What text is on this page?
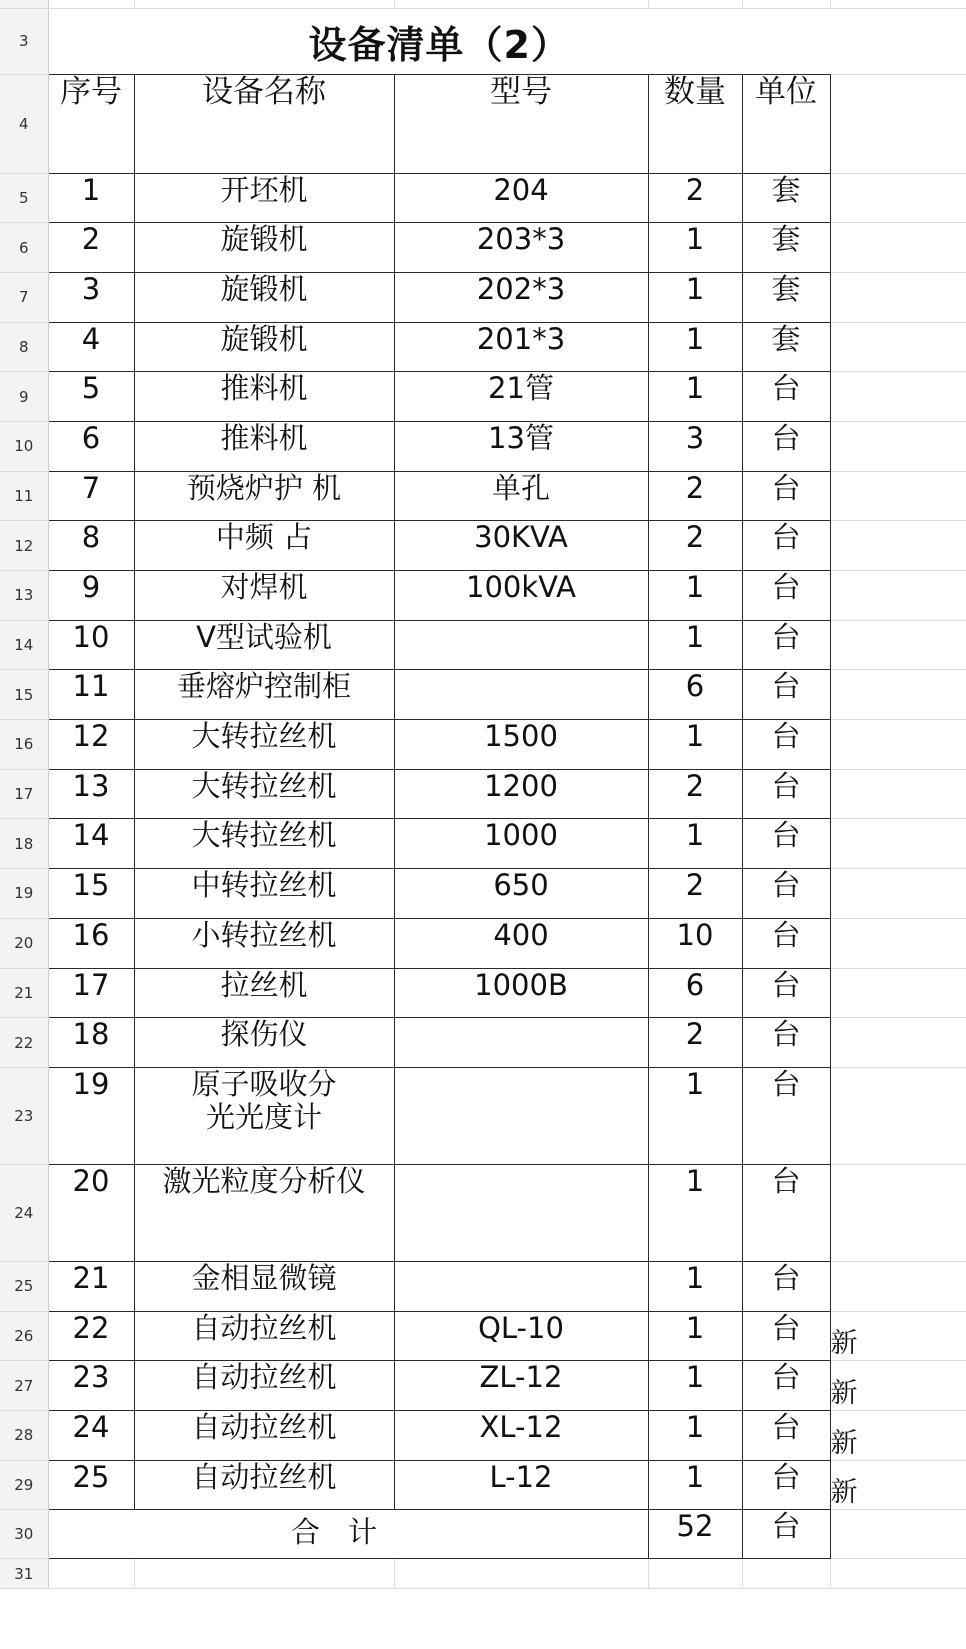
3	设备清单（2）					
4	序号	设备名称	型号	数量	单位	
5	1	开坯机	204	2	套	
6	2	旋锻机	203*3	1	套	
7	3	旋锻机	202*3	1	套	
8	4	旋锻机	201*3	1	套	
9	5	推料机	21管	1	台	
10	6	推料机	13管	3	台	
11	7	预烧炉护 机	单孔	2	台	
12	8	中频 占	30KVA	2	台	
13	9	对焊机	100kVA	1	台	
14	10	V型试验机		1	台	
15	11	垂熔炉控制柜		6	台	
16	12	大转拉丝机	1500	1	台	
17	13	大转拉丝机	1200	2	台	
18	14	大转拉丝机	1000	1	台	
19	15	中转拉丝机	650	2	台	
20	16	小转拉丝机	400	10	台	
21	17	拉丝机	1000B	6	台	
22	18	探伤仪		2	台	
23	19	原子吸收分
光光度计		1	台	
24	20	激光粒度分析仪		1	台	
25	21	金相显微镜		1	台	
26	22	自动拉丝机	QL-10	1	台	新
27	23	自动拉丝机	ZL-12	1	台	新
28	24	自动拉丝机	XL-12	1	台	新
29	25	自动拉丝机	L-12	1	台	新
30	合计			52	台	
31						
